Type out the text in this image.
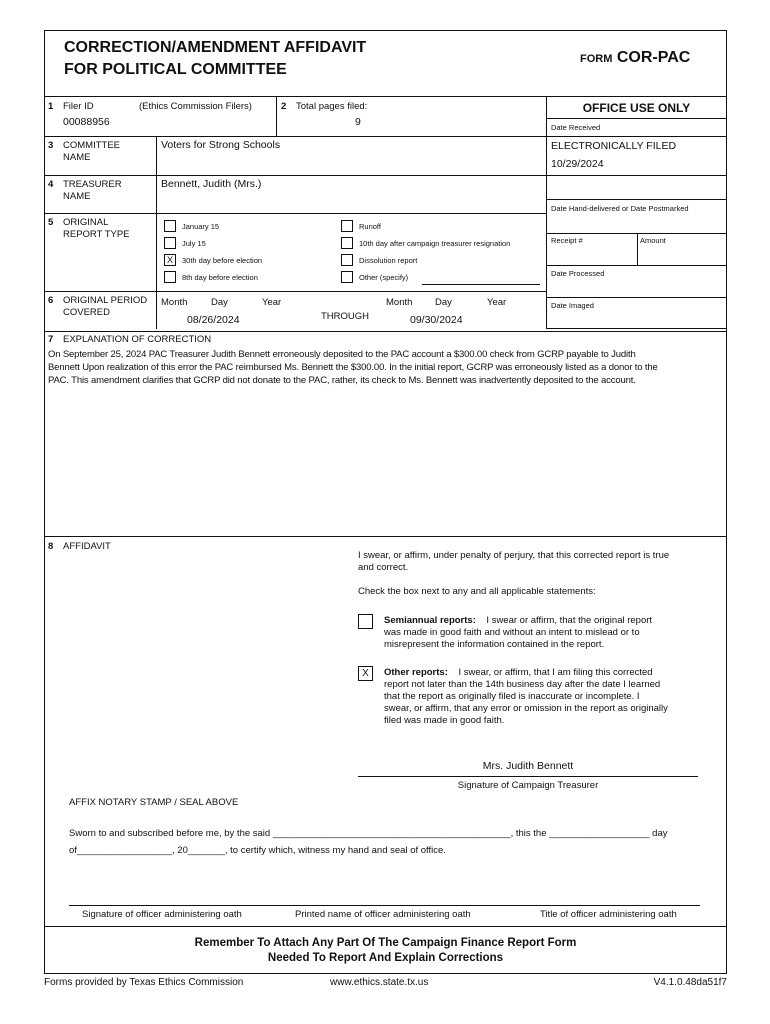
CORRECTION/AMENDMENT AFFIDAVIT
FOR POLITICAL COMMITTEE
FORM COR-PAC
1 Filer ID	(Ethics Commission Filers)
00088956
2 Total pages filed:
9
OFFICE USE ONLY
Date Received
ELECTRONICALLY FILED
10/29/2024
Date Hand-delivered or Date Postmarked
Receipt #	Amount
Date Processed
Date Imaged
3 COMMITTEE
NAME
Voters for Strong Schools
4 TREASURER
NAME
Bennett, Judith (Mrs.)
5 ORIGINAL
REPORT TYPE
January 15
July 15
X	30th day before election
8th day before election
Runoff
10th day after campaign treasurer resignation
Dissolution report
Other (specify)
6 ORIGINAL PERIOD
COVERED
Month Day	Year
08/26/2024	THROUGH
Month Day	Year
09/30/2024
7 EXPLANATION OF CORRECTION
On September 25, 2024 PAC Treasurer Judith Bennett erroneously deposited to the PAC account a $300.00 check from GCRP payable to Judith
Bennett Upon realization of this error the PAC reimbursed Ms. Bennett the $300.00. In the initial report, GCRP was erroneously listed as a donor to the
PAC. This amendment clarifies that GCRP did not donate to the PAC, rather, its check to Ms. Bennett was inadvertently deposited to the account.
8 AFFIDAVIT
I swear, or affirm, under penalty of perjury, that this corrected report is true
and correct.
Check the box next to any and all applicable statements:
Semiannual reports: I swear or affirm, that the original report
was made in good faith and without an intent to mislead or to
misrepresent the information contained in the report.
X	Other reports: I swear, or affirm, that I am filing this corrected
report not later than the 14th business day after the date I learned
that the report as originally filed is inaccurate or incomplete. I
swear, or affirm, that any error or omission in the report as originally
filed was made in good faith.
Mrs. Judith Bennett
Signature of Campaign Treasurer
AFFIX NOTARY STAMP / SEAL ABOVE
Sworn to and subscribed before me, by the said _____________________________________________, this the ___________________ day
of__________________, 20_______, to certify which, witness my hand and seal of office.
Signature of officer administering oath	Printed name of officer administering oath	Title of officer administering oath
Remember To Attach Any Part Of The Campaign Finance Report Form
Needed To Report And Explain Corrections
Forms provided by Texas Ethics Commission	www.ethics.state.tx.us	V4.1.0.48da51f7
